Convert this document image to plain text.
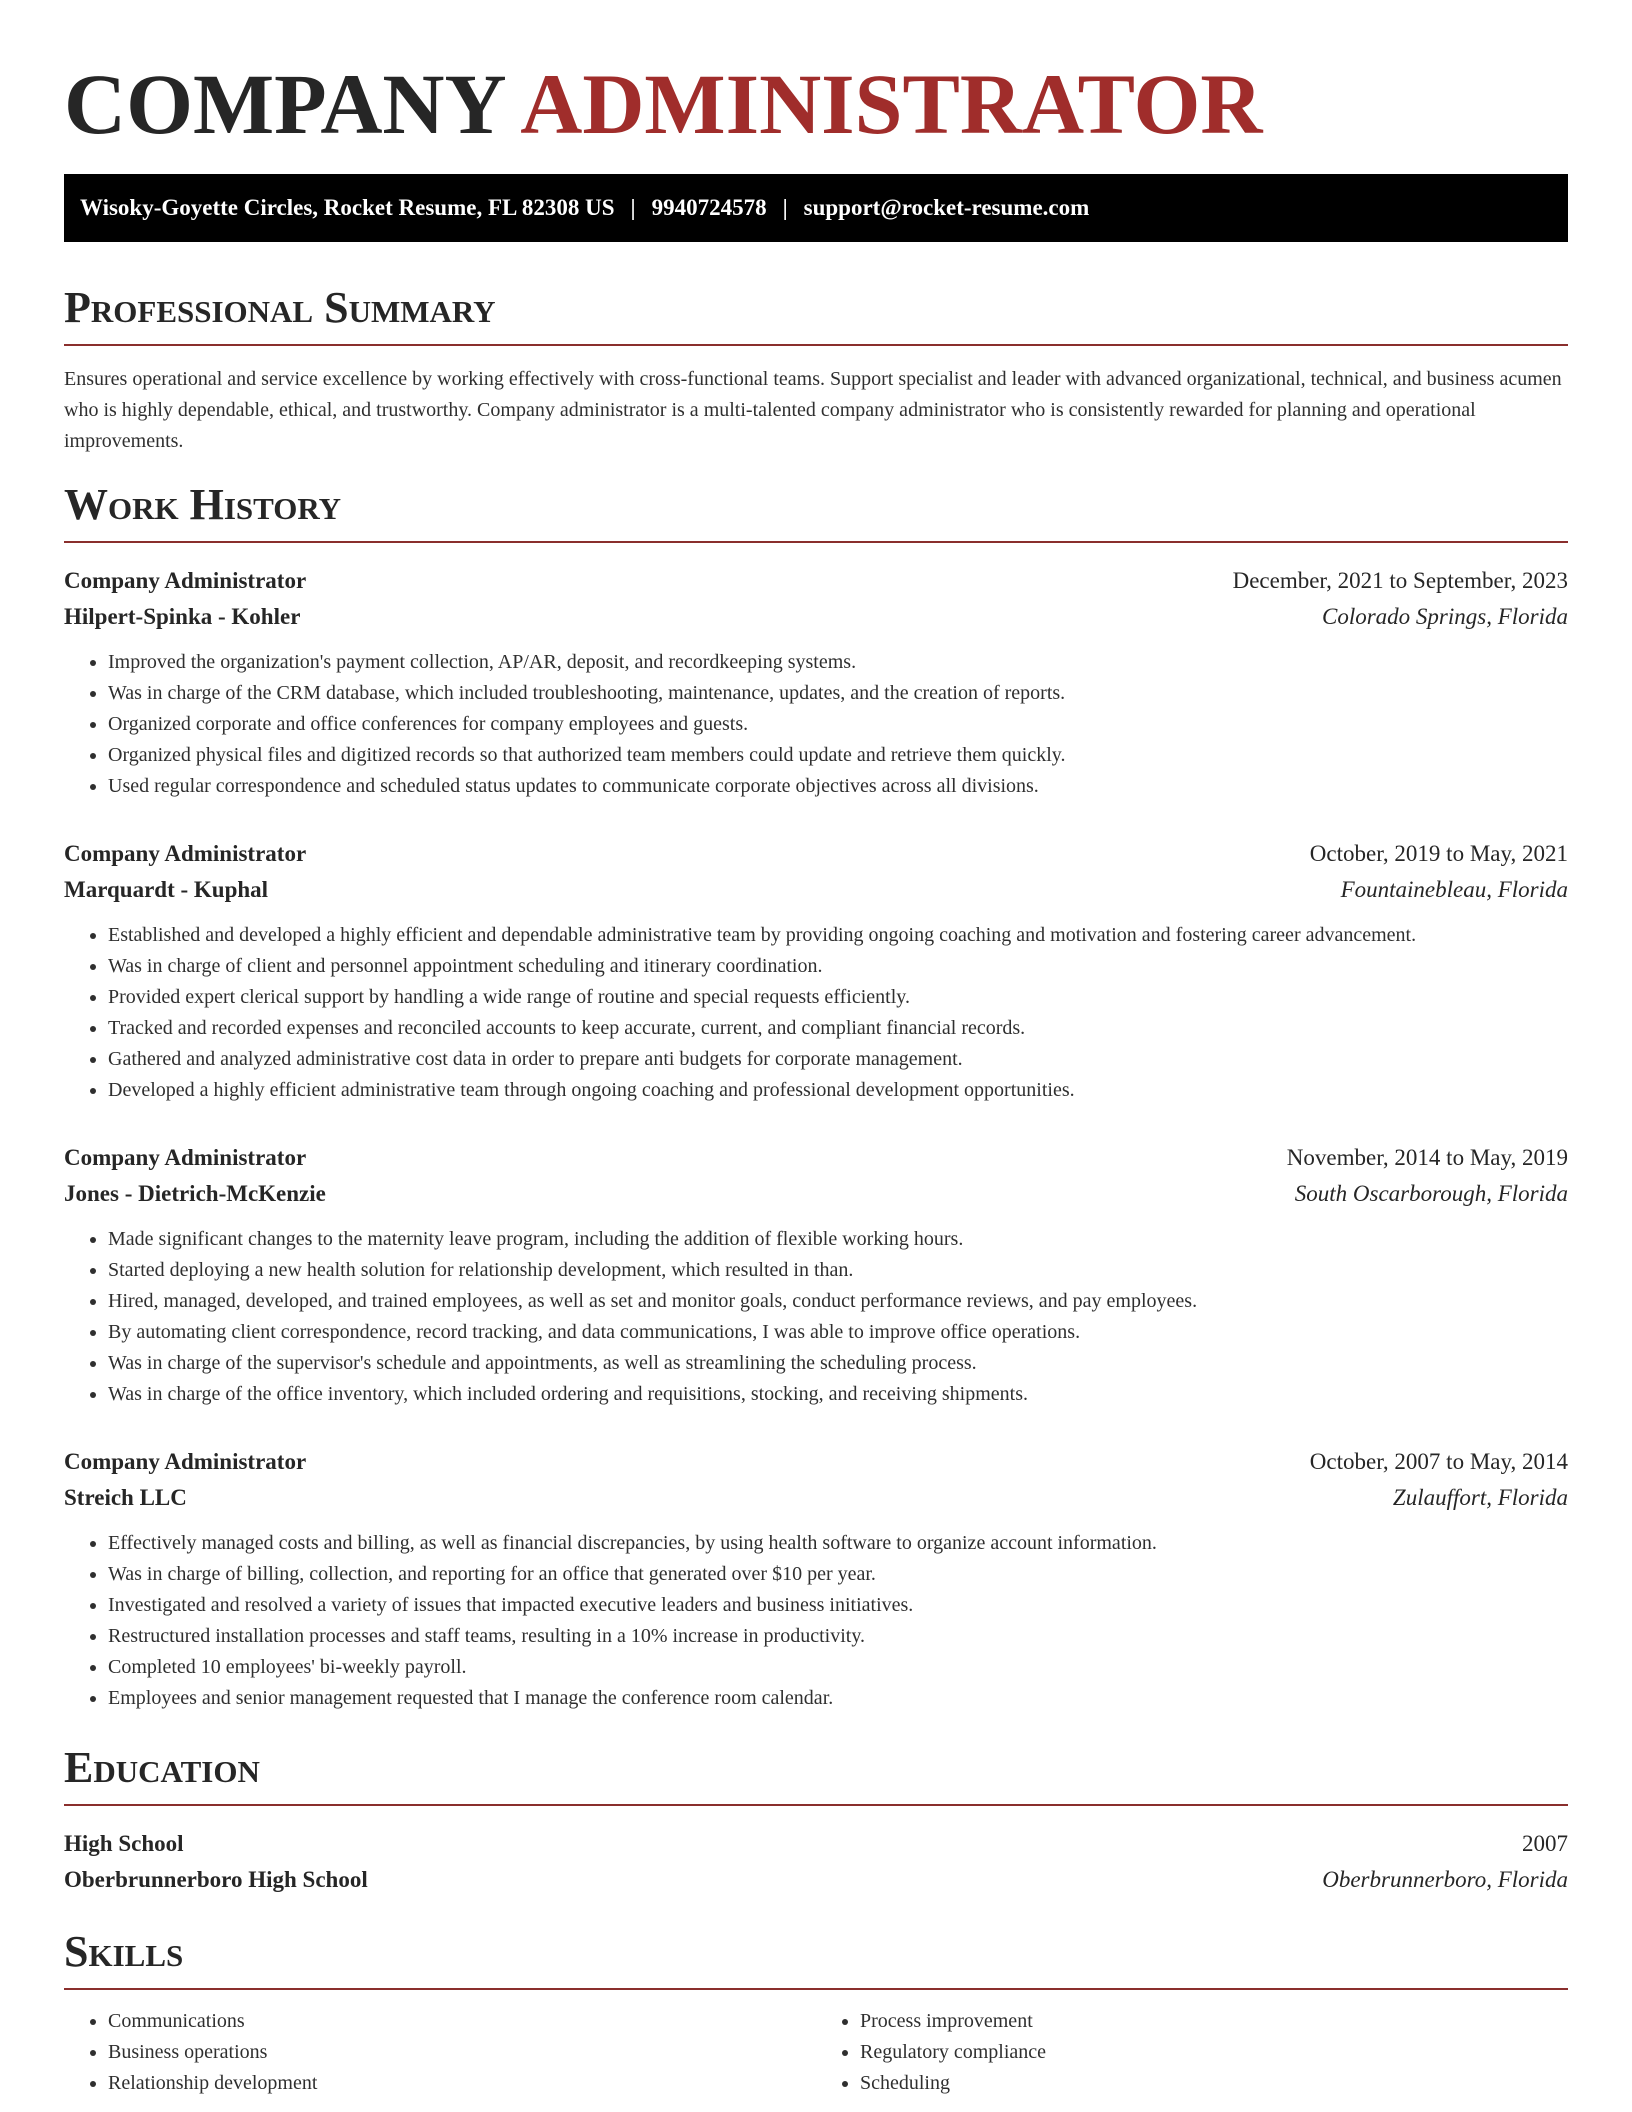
COMPANY ADMINISTRATOR
Wisoky-Goyette Circles, Rocket Resume, FL 82308 US | 9940724578 | support@rocket-resume.com
Professional Summary

Ensures operational and service excellence by working effectively with cross-functional teams. Support specialist and leader with advanced organizational, technical, and business acumen who is highly dependable, ethical, and trustworthy. Company administrator is a multi-talented company administrator who is consistently rewarded for planning and operational improvements.

Work History
Company Administrator	December, 2021 to September, 2023
Hilpert-Spinka - Kohler	Colorado Springs, Florida
• Improved the organization's payment collection, AP/AR, deposit, and recordkeeping systems.
• Was in charge of the CRM database, which included troubleshooting, maintenance, updates, and the creation of reports.
• Organized corporate and office conferences for company employees and guests.
• Organized physical files and digitized records so that authorized team members could update and retrieve them quickly.
• Used regular correspondence and scheduled status updates to communicate corporate objectives across all divisions.
Company Administrator	October, 2019 to May, 2021
Marquardt - Kuphal	Fountainebleau, Florida
• Established and developed a highly efficient and dependable administrative team by providing ongoing coaching and motivation and fostering career advancement.
• Was in charge of client and personnel appointment scheduling and itinerary coordination.
• Provided expert clerical support by handling a wide range of routine and special requests efficiently.
• Tracked and recorded expenses and reconciled accounts to keep accurate, current, and compliant financial records.
• Gathered and analyzed administrative cost data in order to prepare anti budgets for corporate management.
• Developed a highly efficient administrative team through ongoing coaching and professional development opportunities.
Company Administrator	November, 2014 to May, 2019
Jones - Dietrich-McKenzie	South Oscarborough, Florida
• Made significant changes to the maternity leave program, including the addition of flexible working hours.
• Started deploying a new health solution for relationship development, which resulted in than.
• Hired, managed, developed, and trained employees, as well as set and monitor goals, conduct performance reviews, and pay employees.
• By automating client correspondence, record tracking, and data communications, I was able to improve office operations.
• Was in charge of the supervisor's schedule and appointments, as well as streamlining the scheduling process.
• Was in charge of the office inventory, which included ordering and requisitions, stocking, and receiving shipments.
Company Administrator	October, 2007 to May, 2014
Streich LLC	Zulauffort, Florida
• Effectively managed costs and billing, as well as financial discrepancies, by using health software to organize account information.
• Was in charge of billing, collection, and reporting for an office that generated over $10 per year.
• Investigated and resolved a variety of issues that impacted executive leaders and business initiatives.
• Restructured installation processes and staff teams, resulting in a 10% increase in productivity.
• Completed 10 employees' bi-weekly payroll.
• Employees and senior management requested that I manage the conference room calendar.
Education
High School	2007
Oberbrunnerboro High School	Oberbrunnerboro, Florida
Skills
• Communications
• Business operations
• Relationship development
• Process improvement
• Regulatory compliance
• Scheduling
